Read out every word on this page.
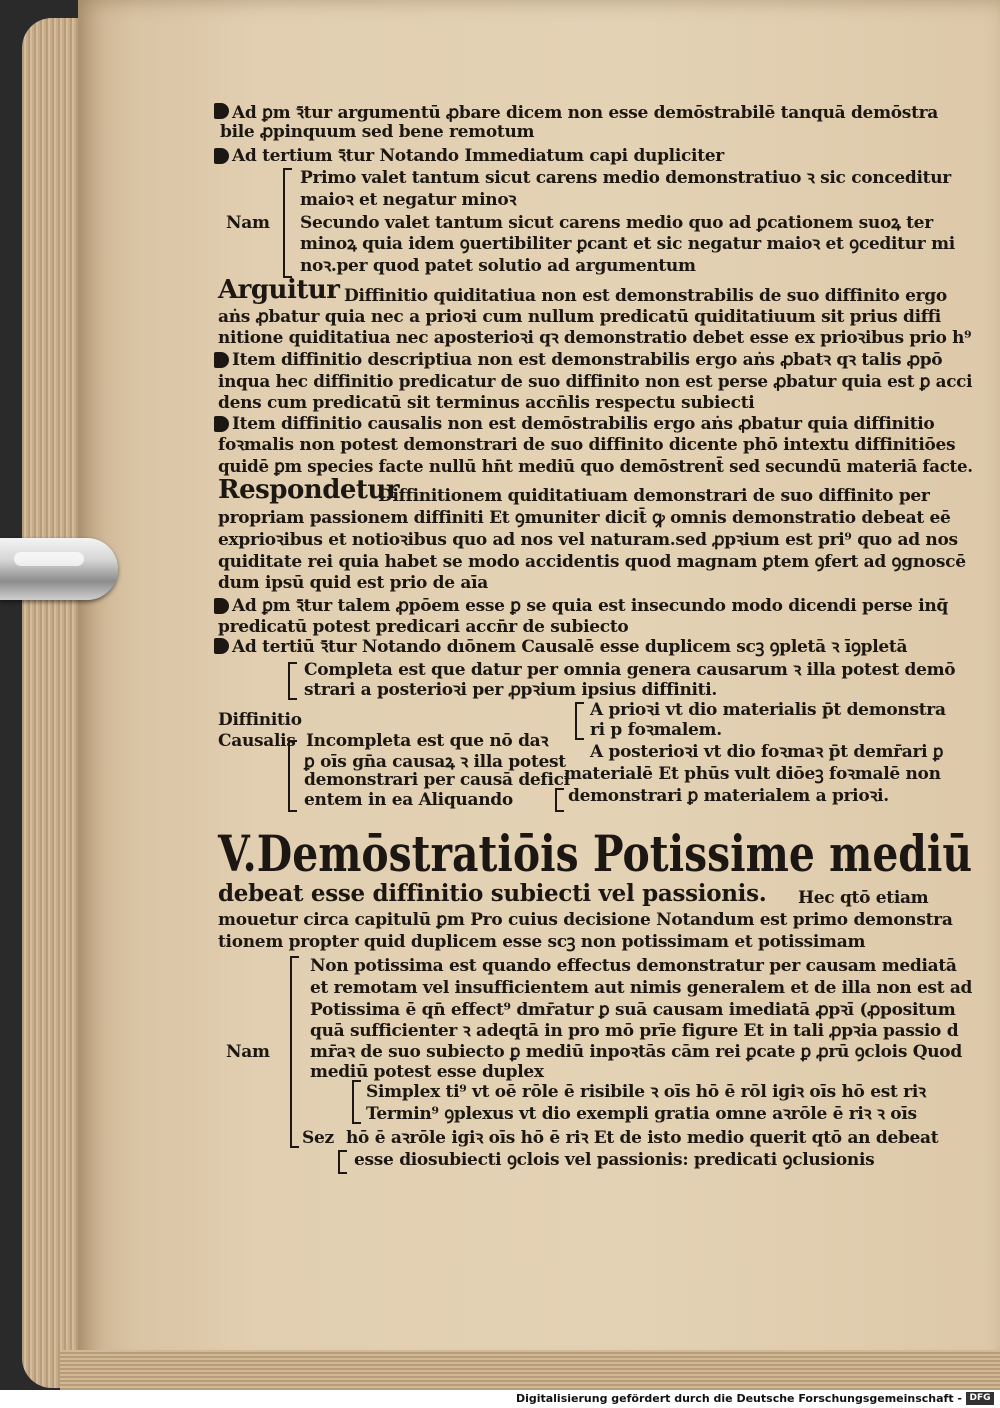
Ad ꝑm ꝛ̄tur argumentū ꝓbare dicem non esse demōstrabilē tanquā demōstra
bile ꝓpinquum sed bene remotum
Ad tertium ꝛ̄tur Notando Immediatum capi dupliciter
Primo valet tantum sicut carens medio demonstratiuo ꝛ sic conceditur
maioꝛ et negatur minoꝛ
Nam Secundo valet tantum sicut carens medio quo ad ꝑcationem suoꝝ ter
minoꝝ quia idem ꝯuertibiliter ꝑcant et sic negatur maioꝛ et ꝯceditur mi
noꝛ.per quod patet solutio ad argumentum
Arguitur Diffinitio quiditatiua non est demonstrabilis de suo diffinito ergo
aṅs ꝓbatur quia nec a prioꝛi cum nullum predicatū quiditatiuum sit prius diffi
nitione quiditatiua nec aposterioꝛi qꝛ demonstratio debet esse ex prioꝛibus prio h⁹
Item diffinitio descriptiua non est demonstrabilis ergo aṅs ꝓbatꝛ qꝛ talis ꝓpō
inqua hec diffinitio predicatur de suo diffinito non est perse ꝓbatur quia est ꝑ acci
dens cum predicatū sit terminus accn̄lis respectu subiecti
Item diffinitio causalis non est demōstrabilis ergo aṅs ꝓbatur quia diffinitio
foꝛmalis non potest demonstrari de suo diffinito dicente phō intextu diffinitiōes
quidē ꝑm species facte nullū hn̄t mediū quo demōstrent̄ sed secundū materiā facte.
Respondetur
Diffinitionem quiditatiuam demonstrari de suo diffinito per
propriam passionem diffiniti Et ꝯmuniter dicit̄ ꝙ omnis demonstratio debeat eē
exprioꝛibus et notioꝛibus quo ad nos vel naturam.sed ꝓpꝛium est pri⁹ quo ad nos
quiditate rei quia habet se modo accidentis quod magnam ꝑtem ꝯfert ad ꝯgnoscē
dum ipsū quid est prio de aīa
Ad ꝑm ꝛ̄tur talem ꝓpōem esse ꝑ se quia est insecundo modo dicendi perse inq̄
predicatū potest predicari accn̄r de subiecto
Ad tertiū ꝛ̄tur Notando dıōnem Causalē esse duplicem scꝫ ꝯpletā ꝛ īꝯpletā
Completa est que datur per omnia genera causarum ꝛ illa potest demō
strari a posterioꝛi per ꝓpꝛium ipsius diffiniti.
A prioꝛi vt dio materialis p̄t demonstra
Diffinitio	ri p foꝛmalem.
Causalis Incompleta est que nō daꝛ
ꝑ oīs gn̄a causaꝝ ꝛ illa potest A posterioꝛi vt dio foꝛmaꝛ p̄t demr̄ari ꝑ
demonstrari per causā defici
materialē Et phūs vult diōeꝫ foꝛmalē non
entem in ea Aliquando	demonstrari ꝑ materialem a prioꝛi.
V.Demōstratiōis Potissime mediū
debeat esse diffinitio subiecti vel passionis. Hec qtō etiam
mouetur circa capitulū ꝑm Pro cuius decisione Notandum est primo demonstra
tionem propter quid duplicem esse scꝫ non potissimam et potissimam
Non potissima est quando effectus demonstratur per causam mediatā
et remotam vel insufficientem aut nimis generalem et de illa non est ad
Potissima ē qn̄ effect⁹ dmr̄atur ꝑ suā causam imediatā ꝓpꝛī (ꝓpositum
quā sufficienter ꝛ adeqtā in pro mō prīe figure Et in tali ꝓpꝛia passio d
Nam mr̄aꝛ de suo subiecto ꝑ mediū inpoꝛtās cām rei ꝑcate ꝑ ꝓrū ꝯclois Quod
mediū potest esse duplex
Simplex ti⁹ vt oē rōle ē risibile ꝛ oīs hō ē rōl igiꝛ oīs hō est riꝛ
Termin⁹ ꝯplexus vt dio exempli gratia omne aꝛrōle ē riꝛ ꝛ oīs
Sez hō ē aꝛrōle igiꝛ oīs hō ē riꝛ Et de isto medio querit qtō an debeat
esse diosubiecti ꝯclois vel passionis: predicati ꝯclusionis
Digitalisierung gefördert durch die Deutsche Forschungsgemeinschaft - DFG
